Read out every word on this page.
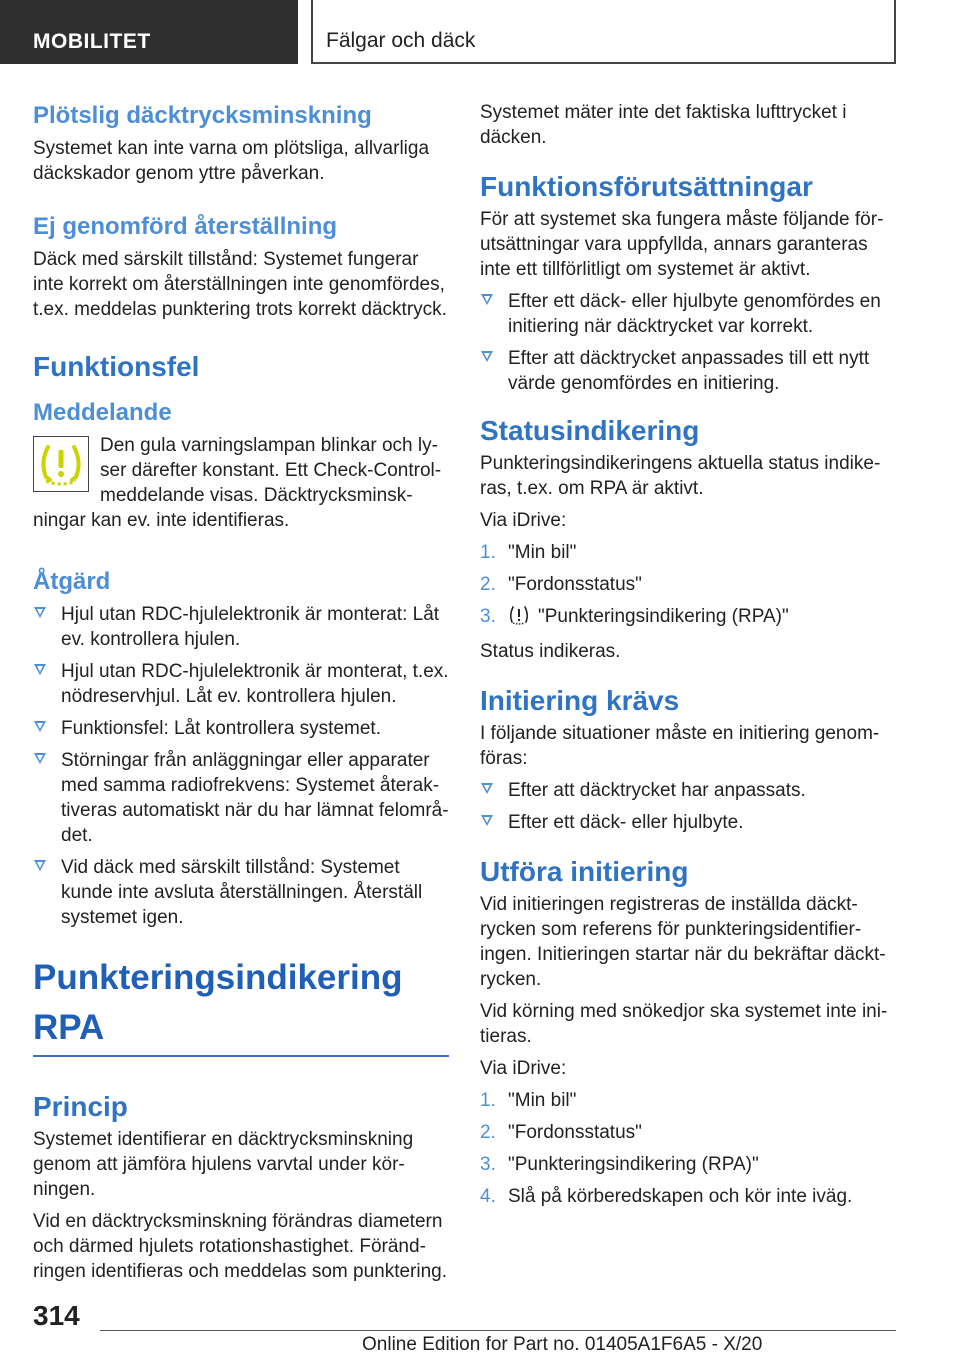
MOBILITET	Fälgar och däck
Plötslig däcktrycksminskning

Systemet kan inte varna om plötsliga, allvarliga däckskador genom yttre påverkan.

Ej genomförd återställning

Däck med särskilt tillstånd: Systemet fungerar inte korrekt om återställningen inte genomfördes, t.ex. meddelas punktering trots korrekt däcktryck.

Funktionsfel
Meddelande

Den gula varningslampan blinkar och lyser därefter konstant. Ett Check-Control-meddelande visas. Däcktrycksminskningar kan ev. inte identifieras.

Åtgärd
Hjul utan RDC-hjulelektronik är monterat: Låt ev. kontrollera hjulen.
Hjul utan RDC-hjulelektronik är monterat, t.ex. nödreservhjul. Låt ev. kontrollera hjulen.
Funktionsfel: Låt kontrollera systemet.
Störningar från anläggningar eller apparater med samma radiofrekvens: Systemet återaktiveras automatiskt när du har lämnat felområdet.
Vid däck med särskilt tillstånd: Systemet kunde inte avsluta återställningen. Återställ systemet igen.
Punkteringsindikering RPA
Princip

Systemet identifierar en däcktrycksminskning genom att jämföra hjulens varvtal under körningen.

Vid en däcktrycksminskning förändras diametern och därmed hjulets rotationshastighet. Förändringen identifieras och meddelas som punktering.

Systemet mäter inte det faktiska lufttrycket i däcken.

Funktionsförutsättningar

För att systemet ska fungera måste följande förutsättningar vara uppfyllda, annars garanteras inte ett tillförlitligt om systemet är aktivt.

Efter ett däck- eller hjulbyte genomfördes en initiering när däcktrycket var korrekt.
Efter att däcktrycket anpassades till ett nytt värde genomfördes en initiering.
Statusindikering

Punkteringsindikeringens aktuella status indikeras, t.ex. om RPA är aktivt.

Via iDrive:

1. "Min bil"
2. "Fordonsstatus"
3. "Punkteringsindikering (RPA)"

Status indikeras.

Initiering krävs

I följande situationer måste en initiering genomföras:

Efter att däcktrycket har anpassats.
Efter ett däck- eller hjulbyte.
Utföra initiering

Vid initieringen registreras de inställda däcktrycken som referens för punkteringsidentifieringen. Initieringen startar när du bekräftar däcktrycken.

Vid körning med snökedjor ska systemet inte initieras.

Via iDrive:

1. "Min bil"
2. "Fordonsstatus"
3. "Punkteringsindikering (RPA)"
4. Slå på körberedskapen och kör inte iväg.
314
Online Edition for Part no. 01405A1F6A5 - X/20
